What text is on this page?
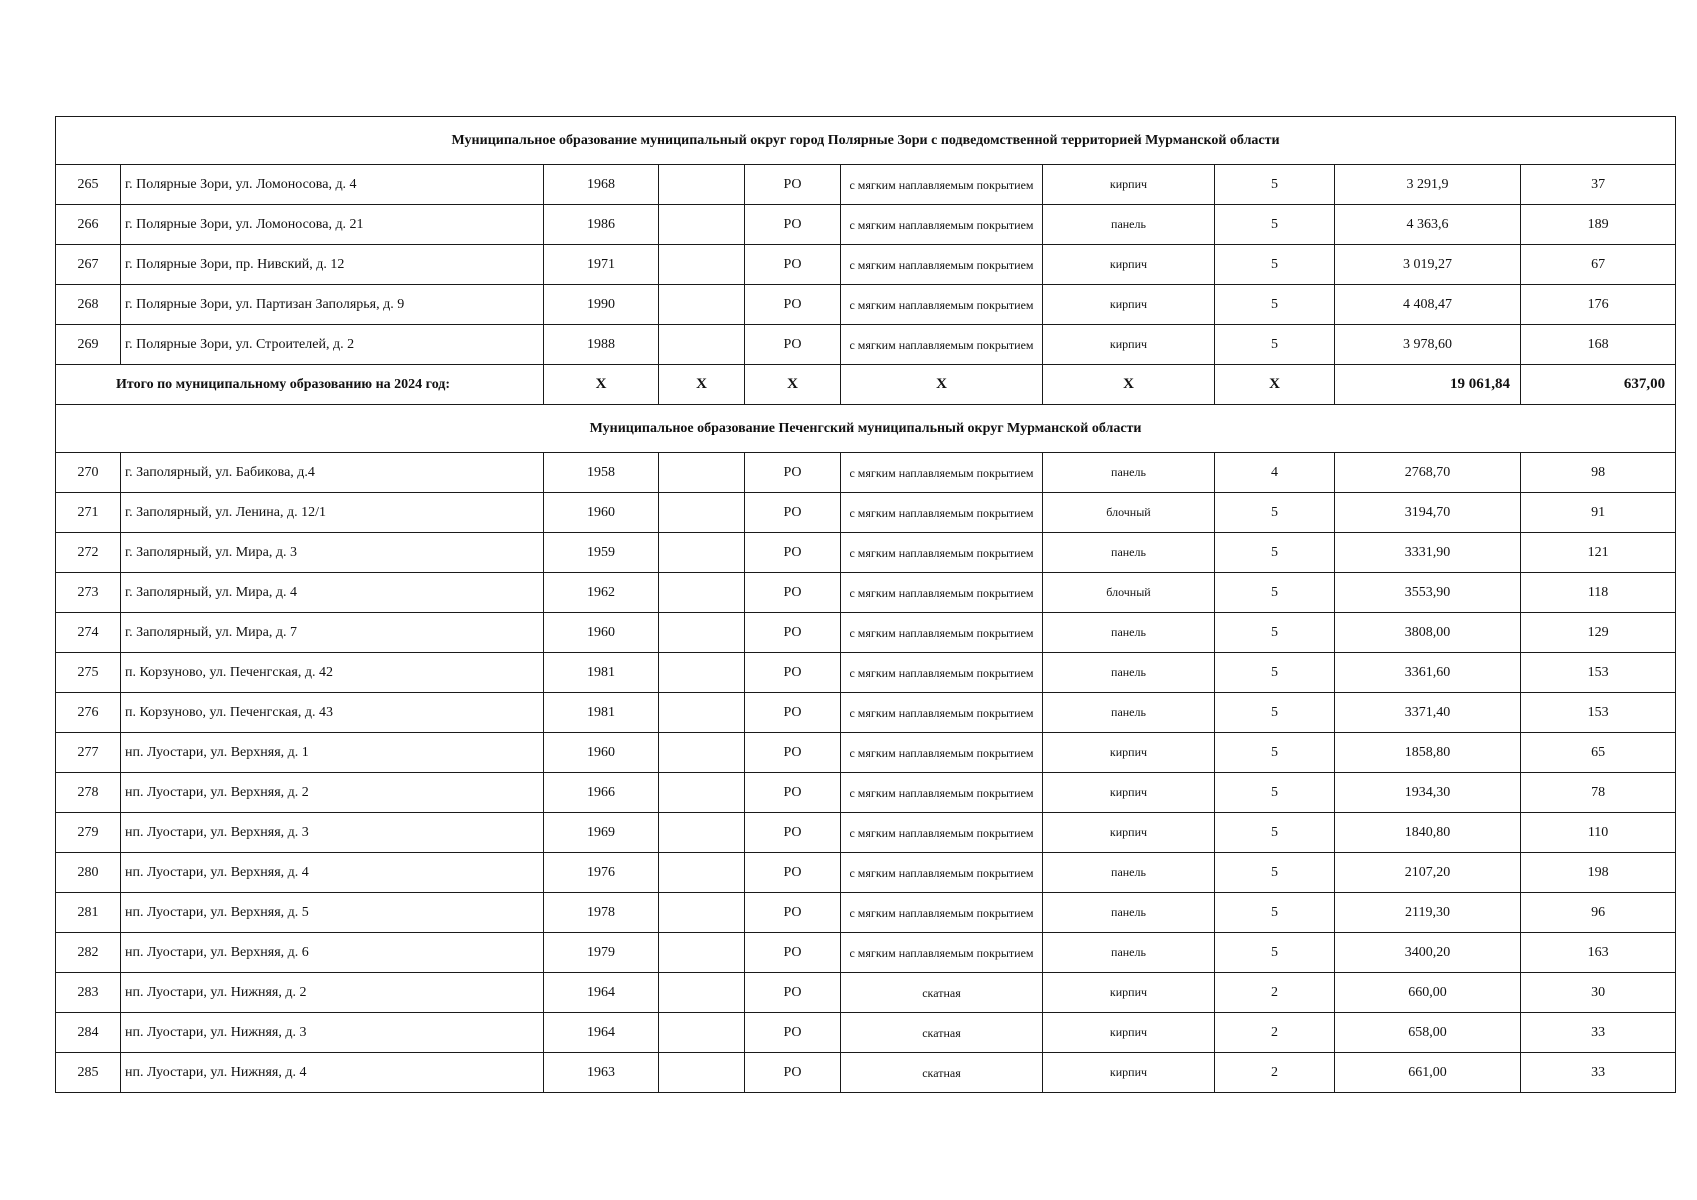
Муниципальное образование муниципальный округ город Полярные Зори с подведомственной территорией Мурманской области									
265	г. Полярные Зори, ул. Ломоносова, д. 4	1968		РО	с мягким наплавляемым покрытием	кирпич	5	3 291,9	37
266	г. Полярные Зори, ул. Ломоносова, д. 21	1986		РО	с мягким наплавляемым покрытием	панель	5	4 363,6	189
267	г. Полярные Зори, пр. Нивский, д. 12	1971		РО	с мягким наплавляемым покрытием	кирпич	5	3 019,27	67
268	г. Полярные Зори, ул. Партизан Заполярья, д. 9	1990		РО	с мягким наплавляемым покрытием	кирпич	5	4 408,47	176
269	г. Полярные Зори, ул. Строителей, д. 2	1988		РО	с мягким наплавляемым покрытием	кирпич	5	3 978,60	168
Итого по муниципальному образованию на 2024 год:		X	X	X	X	X	X	19 061,84	637,00
Муниципальное образование Печенгский муниципальный округ Мурманской области									
270	г. Заполярный, ул. Бабикова, д.4	1958		РО	с мягким наплавляемым покрытием	панель	4	2768,70	98
271	г. Заполярный, ул. Ленина, д. 12/1	1960		РО	с мягким наплавляемым покрытием	блочный	5	3194,70	91
272	г. Заполярный, ул. Мира, д. 3	1959		РО	с мягким наплавляемым покрытием	панель	5	3331,90	121
273	г. Заполярный, ул. Мира, д. 4	1962		РО	с мягким наплавляемым покрытием	блочный	5	3553,90	118
274	г. Заполярный, ул. Мира, д. 7	1960		РО	с мягким наплавляемым покрытием	панель	5	3808,00	129
275	п. Корзуново, ул. Печенгская, д. 42	1981		РО	с мягким наплавляемым покрытием	панель	5	3361,60	153
276	п. Корзуново, ул. Печенгская, д. 43	1981		РО	с мягким наплавляемым покрытием	панель	5	3371,40	153
277	нп. Луостари, ул. Верхняя, д. 1	1960		РО	с мягким наплавляемым покрытием	кирпич	5	1858,80	65
278	нп. Луостари, ул. Верхняя, д. 2	1966		РО	с мягким наплавляемым покрытием	кирпич	5	1934,30	78
279	нп. Луостари, ул. Верхняя, д. 3	1969		РО	с мягким наплавляемым покрытием	кирпич	5	1840,80	110
280	нп. Луостари, ул. Верхняя, д. 4	1976		РО	с мягким наплавляемым покрытием	панель	5	2107,20	198
281	нп. Луостари, ул. Верхняя, д. 5	1978		РО	с мягким наплавляемым покрытием	панель	5	2119,30	96
282	нп. Луостари, ул. Верхняя, д. 6	1979		РО	с мягким наплавляемым покрытием	панель	5	3400,20	163
283	нп. Луостари, ул. Нижняя, д. 2	1964		РО	скатная	кирпич	2	660,00	30
284	нп. Луостари, ул. Нижняя, д. 3	1964		РО	скатная	кирпич	2	658,00	33
285	нп. Луостари, ул. Нижняя, д. 4	1963		РО	скатная	кирпич	2	661,00	33
